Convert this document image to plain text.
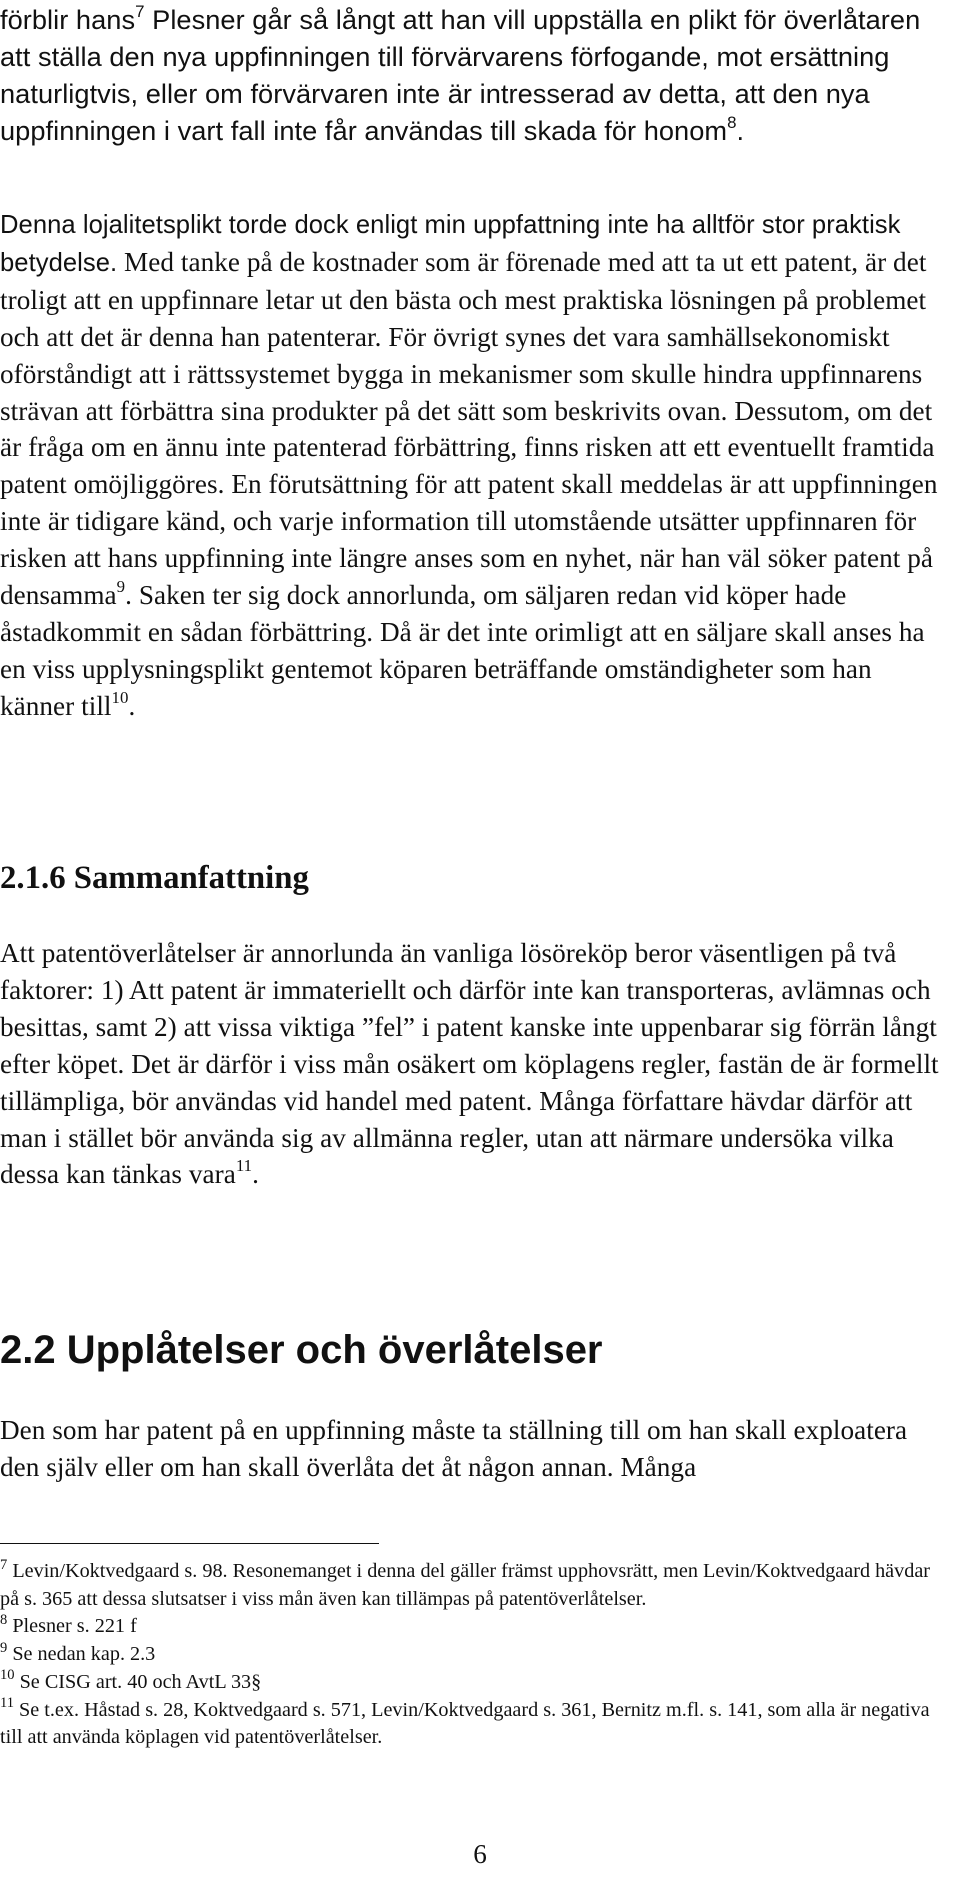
förblir hans$^7$ Plesner går så långt att han vill uppställa en plikt för överlåtaren att ställa den nya uppfinningen till förvärvarens förfogande, mot ersättning naturligtvis, eller om förvärvaren inte är intresserad av detta, att den nya uppfinningen i vart fall inte får användas till skada för honom$^8$.

Denna lojalitetsplikt torde dock enligt min uppfattning inte ha alltför stor praktisk betydelse. Med tanke på de kostnader som är förenade med att ta ut ett patent, är det troligt att en uppfinnare letar ut den bästa och mest praktiska lösningen på problemet och att det är denna han patenterar. För övrigt synes det vara samhällsekonomiskt oförståndigt att i rättssystemet bygga in mekanismer som skulle hindra uppfinnarens strävan att förbättra sina produkter på det sätt som beskrivits ovan. Dessutom, om det är fråga om en ännu inte patenterad förbättring, finns risken att ett eventuellt framtida patent omöjliggöres. En förutsättning för att patent skall meddelas är att uppfinningen inte är tidigare känd, och varje information till utomstående utsätter uppfinnaren för risken att hans uppfinning inte längre anses som en nyhet, när han väl söker patent på densamma$^9$. Saken ter sig dock annorlunda, om säljaren redan vid köper hade åstadkommit en sådan förbättring. Då är det inte orimligt att en säljare skall anses ha en viss upplysningsplikt gentemot köparen beträffande omständigheter som han känner till$^{10}$.

2.1.6 Sammanfattning

Att patentöverlåtelser är annorlunda än vanliga lösöreköp beror väsentligen på två faktorer: 1) Att patent är immateriellt och därför inte kan transporteras, avlämnas och besittas, samt 2) att vissa viktiga ”fel” i patent kanske inte uppenbarar sig förrän långt efter köpet. Det är därför i viss mån osäkert om köplagens regler, fastän de är formellt tillämpliga, bör användas vid handel med patent. Många författare hävdar därför att man i stället bör använda sig av allmänna regler, utan att närmare undersöka vilka dessa kan tänkas vara$^{11}$.

2.2 Upplåtelser och överlåtelser

Den som har patent på en uppfinning måste ta ställning till om han skall exploatera den själv eller om han skall överlåta det åt någon annan. Många

$^7$ Levin/Koktvedgaard s. 98. Resonemanget i denna del gäller främst upphovsrätt, men Levin/Koktvedgaard hävdar på s. 365 att dessa slutsatser i viss mån även kan tillämpas på patentöverlåtelser.

$^8$ Plesner s. 221 f

$^9$ Se nedan kap. 2.3

$^{10}$ Se CISG art. 40 och AvtL 33§

$^{11}$ Se t.ex. Håstad s. 28, Koktvedgaard s. 571, Levin/Koktvedgaard s. 361, Bernitz m.fl. s. 141, som alla är negativa till att använda köplagen vid patentöverlåtelser.

6
